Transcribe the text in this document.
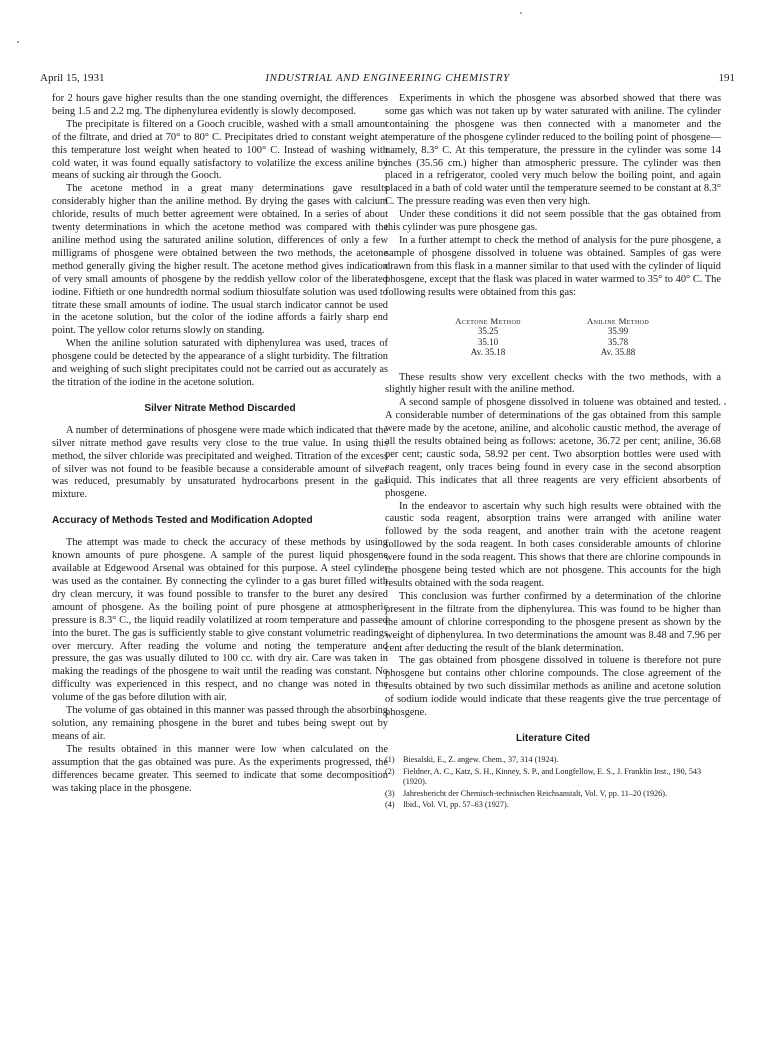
April 15, 1931	INDUSTRIAL AND ENGINEERING CHEMISTRY	191

for 2 hours gave higher results than the one standing overnight, the differences being 1.5 and 2.2 mg. The diphenylurea evidently is slowly decomposed.

The precipitate is filtered on a Gooch crucible, washed with a small amount of the filtrate, and dried at 70° to 80° C. Precipitates dried to constant weight at this temperature lost weight when heated to 100° C. Instead of washing with cold water, it was found equally satisfactory to volatilize the excess aniline by means of sucking air through the Gooch.

The acetone method in a great many determinations gave results considerably higher than the aniline method. By drying the gases with calcium chloride, results of much better agreement were obtained. In a series of about twenty determinations in which the acetone method was compared with the aniline method using the saturated aniline solution, differences of only a few milligrams of phosgene were obtained between the two methods, the acetone method generally giving the higher result. The acetone method gives indication of very small amounts of phosgene by the reddish yellow color of the liberated iodine. Fiftieth or one hundredth normal sodium thiosulfate solution was used to titrate these small amounts of iodine. The usual starch indicator cannot be used in the acetone solution, but the color of the iodine affords a fairly sharp end point. The yellow color returns slowly on standing.

When the aniline solution saturated with diphenylurea was used, traces of phosgene could be detected by the appearance of a slight turbidity. The filtration and weighing of such slight precipitates could not be carried out as accurately as the titration of the iodine in the acetone solution.

Silver Nitrate Method Discarded

A number of determinations of phosgene were made which indicated that the silver nitrate method gave results very close to the true value. In using this method, the silver chloride was precipitated and weighed. Titration of the excess of silver was not found to be feasible because a considerable amount of silver was reduced, presumably by unsaturated hydrocarbons present in the gas mixture.

Accuracy of Methods Tested and Modification Adopted

The attempt was made to check the accuracy of these methods by using known amounts of pure phosgene. A sample of the purest liquid phosgene available at Edgewood Arsenal was obtained for this purpose. A steel cylinder was used as the container. By connecting the cylinder to a gas buret filled with dry clean mercury, it was found possible to transfer to the buret any desired amount of phosgene. As the boiling point of pure phosgene at atmospheric pressure is 8.3° C., the liquid readily volatilized at room temperature and passed into the buret. The gas is sufficiently stable to give constant volumetric readings over mercury. After reading the volume and noting the temperature and pressure, the gas was usually diluted to 100 cc. with dry air. Care was taken in making the readings of the phosgene to wait until the reading was constant. No difficulty was experienced in this respect, and no change was noted in the volume of the gas before dilution with air.

The volume of gas obtained in this manner was passed through the absorbing solution, any remaining phosgene in the buret and tubes being swept out by means of air.

The results obtained in this manner were low when calculated on the assumption that the gas obtained was pure. As the experiments progressed, the differences became greater. This seemed to indicate that some decomposition was taking place in the phosgene.

Experiments in which the phosgene was absorbed showed that there was some gas which was not taken up by water saturated with aniline. The cylinder containing the phosgene was then connected with a manometer and the temperature of the phosgene cylinder reduced to the boiling point of phosgene—namely, 8.3° C. At this temperature, the pressure in the cylinder was some 14 inches (35.56 cm.) higher than atmospheric pressure. The cylinder was then placed in a refrigerator, cooled very much below the boiling point, and again placed in a bath of cold water until the temperature seemed to be constant at 8.3° C. The pressure reading was even then very high.

Under these conditions it did not seem possible that the gas obtained from this cylinder was pure phosgene gas.

In a further attempt to check the method of analysis for the pure phosgene, a sample of phosgene dissolved in toluene was obtained. Samples of gas were drawn from this flask in a manner similar to that used with the cylinder of liquid phosgene, except that the flask was placed in water warmed to 35° to 40° C. The following results were obtained from this gas:

Acetone Method	Aniline Method
35.25	35.99
35.10	35.78
Av. 35.18	Av. 35.88

These results show very excellent checks with the two methods, with a slightly higher result with the aniline method.

A second sample of phosgene dissolved in toluene was obtained and tested. A considerable number of determinations of the gas obtained from this sample were made by the acetone, aniline, and alcoholic caustic method, the average of all the results obtained being as follows: acetone, 36.72 per cent; aniline, 36.68 per cent; caustic soda, 58.92 per cent. Two absorption bottles were used with each reagent, only traces being found in every case in the second absorption liquid. This indicates that all three reagents are very efficient absorbents of phosgene.

In the endeavor to ascertain why such high results were obtained with the caustic soda reagent, absorption trains were arranged with aniline water followed by the soda reagent, and another train with the acetone reagent followed by the soda reagent. In both cases considerable amounts of chlorine were found in the soda reagent. This shows that there are chlorine compounds in the phosgene being tested which are not phosgene. This accounts for the high results obtained with the soda reagent.

This conclusion was further confirmed by a determination of the chlorine present in the filtrate from the diphenylurea. This was found to be higher than the amount of chlorine corresponding to the phosgene present as shown by the weight of diphenylurea. In two determinations the amount was 8.48 and 7.96 per cent after deducting the result of the blank determination.

The gas obtained from phosgene dissolved in toluene is therefore not pure phosgene but contains other chlorine compounds. The close agreement of the results obtained by two such dissimilar methods as aniline and acetone solution of sodium iodide would indicate that these reagents give the true percentage of phosgene.

Literature Cited
(1)	Biesalski, E., Z. angew. Chem., 37, 314 (1924).
(2)	Fieldner, A. C., Katz, S. H., Kinney, S. P., and Longfellow, E. S., J. Franklin Inst., 190, 543 (1920).
(3)	Jahresbericht der Chemisch-technischen Reichsanstalt, Vol. V, pp. 11–20 (1926).
(4)	Ibid., Vol. VI, pp. 57–63 (1927).
